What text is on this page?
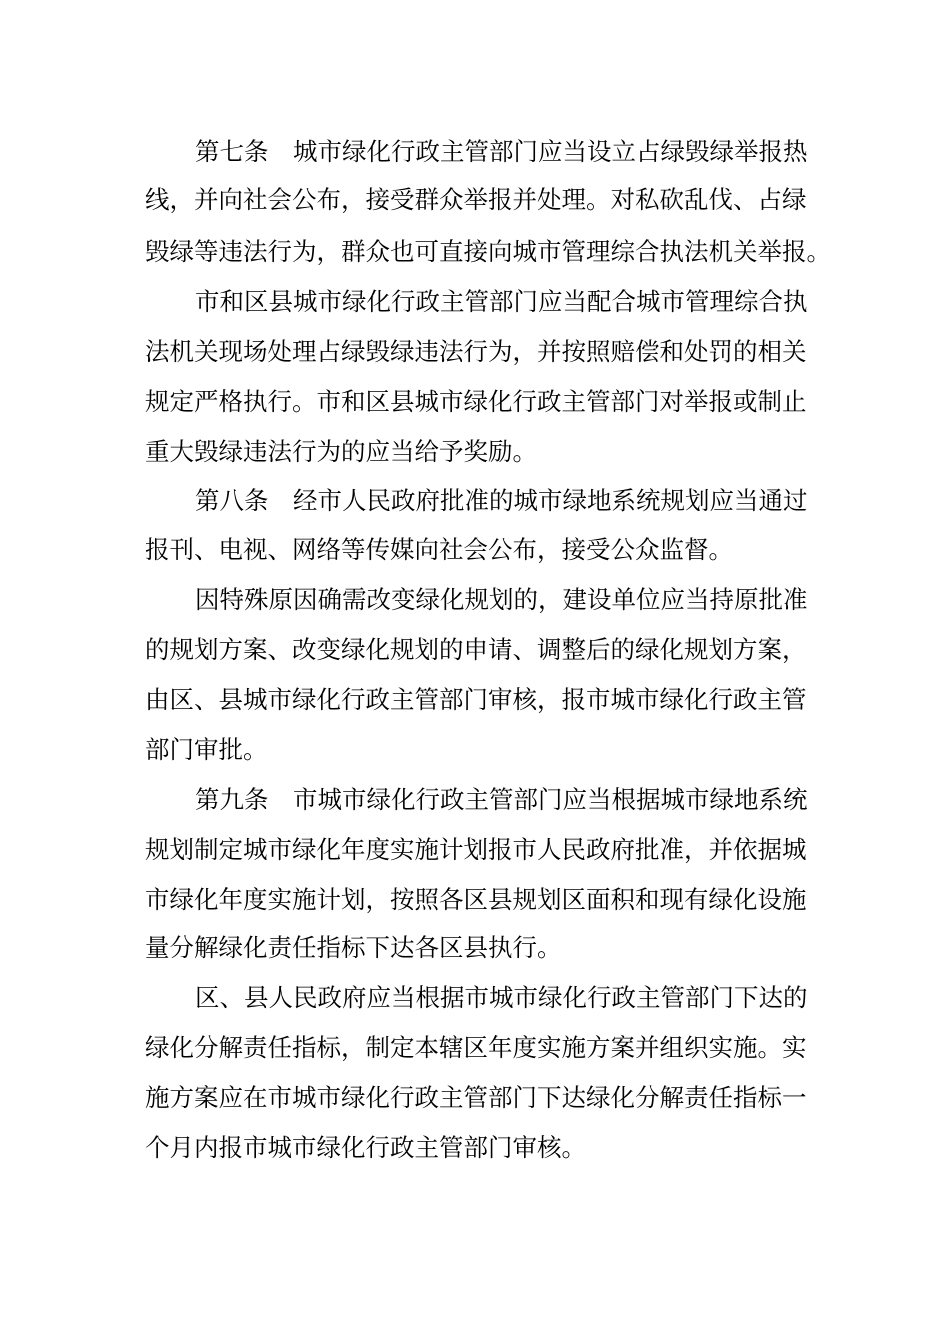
第七条　城市绿化行政主管部门应当设立占绿毁绿举报热
线，并向社会公布，接受群众举报并处理。对私砍乱伐、占绿
毁绿等违法行为，群众也可直接向城市管理综合执法机关举报。
市和区县城市绿化行政主管部门应当配合城市管理综合执
法机关现场处理占绿毁绿违法行为，并按照赔偿和处罚的相关
规定严格执行。市和区县城市绿化行政主管部门对举报或制止
重大毁绿违法行为的应当给予奖励。
第八条　经市人民政府批准的城市绿地系统规划应当通过
报刊、电视、网络等传媒向社会公布，接受公众监督。
因特殊原因确需改变绿化规划的，建设单位应当持原批准
的规划方案、改变绿化规划的申请、调整后的绿化规划方案，
由区、县城市绿化行政主管部门审核，报市城市绿化行政主管
部门审批。
第九条　市城市绿化行政主管部门应当根据城市绿地系统
规划制定城市绿化年度实施计划报市人民政府批准，并依据城
市绿化年度实施计划，按照各区县规划区面积和现有绿化设施
量分解绿化责任指标下达各区县执行。
区、县人民政府应当根据市城市绿化行政主管部门下达的
绿化分解责任指标，制定本辖区年度实施方案并组织实施。实
施方案应在市城市绿化行政主管部门下达绿化分解责任指标一
个月内报市城市绿化行政主管部门审核。
